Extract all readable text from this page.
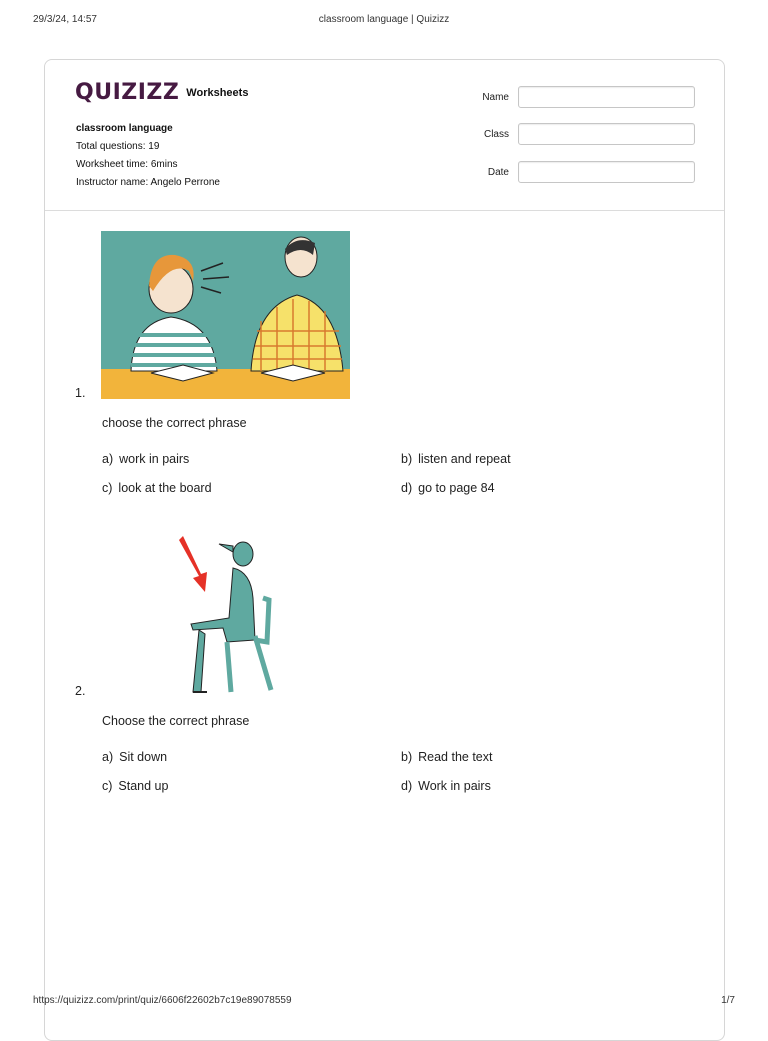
29/3/24, 14:57	classroom language | Quizizz
QUIZIZZ Worksheets
classroom language
Total questions: 19
Worksheet time: 6mins
Instructor name: Angelo Perrone
Name
Class
Date
1.
choose the correct phrase
a) work in pairs	b) listen and repeat
c) look at the board	d) go to page 84
2.
Choose the correct phrase
a) Sit down	b) Read the text
c) Stand up	d) Work in pairs
https://quizizz.com/print/quiz/6606f22602b7c19e89078559	1/7
